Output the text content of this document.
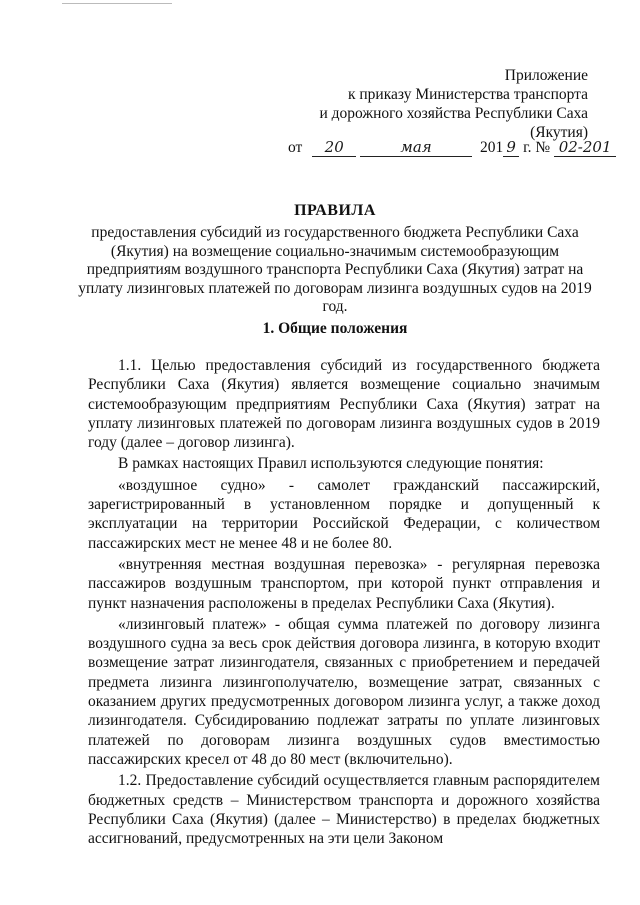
Приложение
к приказу Министерства транспорта
и дорожного хозяйства Республики Саха
(Якутия)
от 20	мая	201 9 г. № 02-201
ПРАВИЛА
предоставления субсидий из государственного бюджета Республики Саха (Якутия) на возмещение социально-значимым системообразующим предприятиям воздушного транспорта Республики Саха (Якутия) затрат на уплату лизинговых платежей по договорам лизинга воздушных судов на 2019 год.
1. Общие положения

1.1. Целью предоставления субсидий из государственного бюджета Республики Саха (Якутия) является возмещение социально значимым системообразующим предприятиям Республики Саха (Якутия) затрат на уплату лизинговых платежей по договорам лизинга воздушных судов в 2019 году (далее – договор лизинга).

В рамках настоящих Правил используются следующие понятия:

«воздушное судно» - самолет гражданский пассажирский, зарегистрированный в установленном порядке и допущенный к эксплуатации на территории Российской Федерации, с количеством пассажирских мест не менее 48 и не более 80.

«внутренняя местная воздушная перевозка» - регулярная перевозка пассажиров воздушным транспортом, при которой пункт отправления и пункт назначения расположены в пределах Республики Саха (Якутия).

«лизинговый платеж» - общая сумма платежей по договору лизинга воздушного судна за весь срок действия договора лизинга, в которую входит возмещение затрат лизингодателя, связанных с приобретением и передачей предмета лизинга лизингополучателю, возмещение затрат, связанных с оказанием других предусмотренных договором лизинга услуг, а также доход лизингодателя. Субсидированию подлежат затраты по уплате лизинговых платежей по договорам лизинга воздушных судов вместимостью пассажирских кресел от 48 до 80 мест (включительно).

1.2. Предоставление субсидий осуществляется главным распорядителем бюджетных средств – Министерством транспорта и дорожного хозяйства Республики Саха (Якутия) (далее – Министерство) в пределах бюджетных ассигнований, предусмотренных на эти цели Законом
